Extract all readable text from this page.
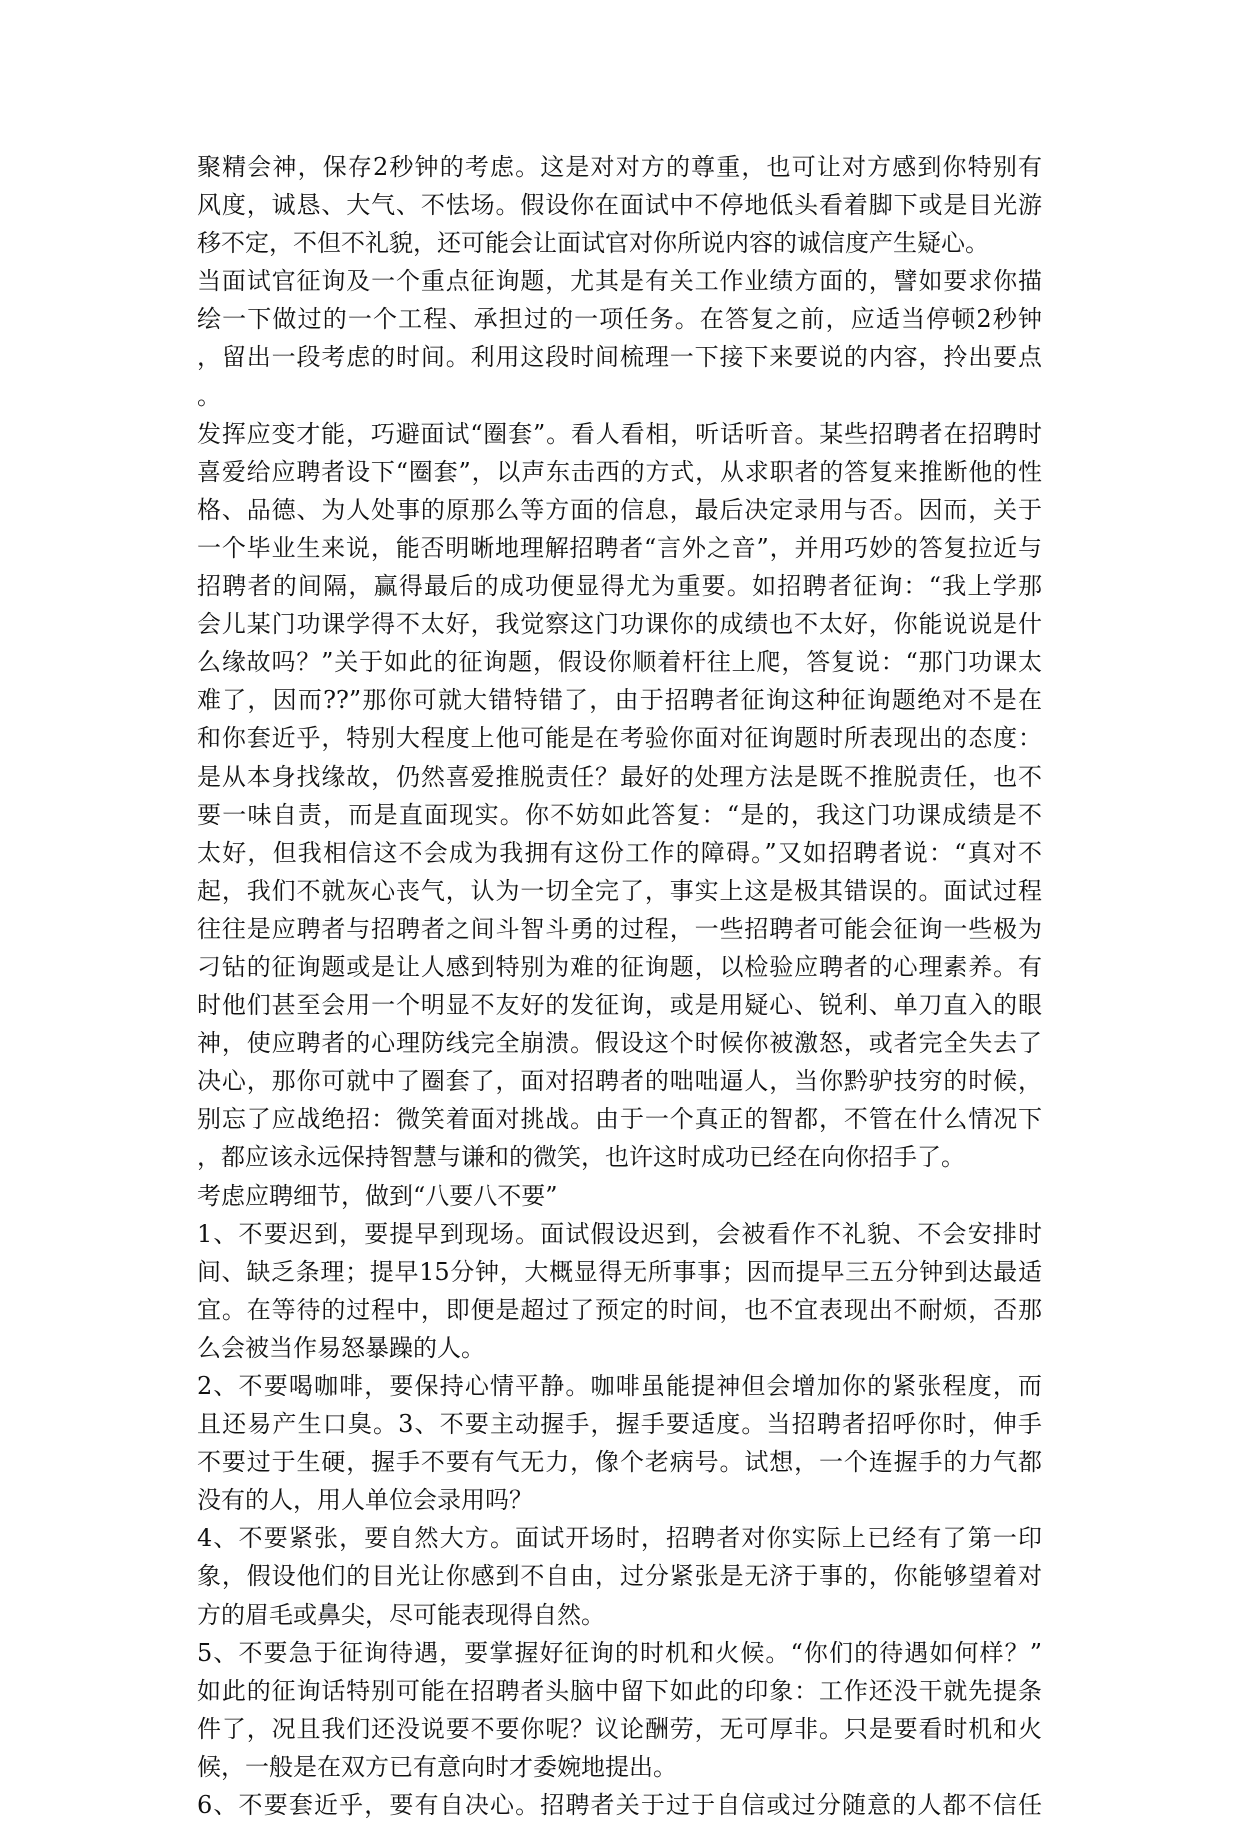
聚精会神，保存2秒钟的考虑。这是对对方的尊重，也可让对方感到你特别有
风度，诚恳、大气、不怯场。假设你在面试中不停地低头看着脚下或是目光游
移不定，不但不礼貌，还可能会让面试官对你所说内容的诚信度产生疑心。
当面试官征询及一个重点征询题，尤其是有关工作业绩方面的，譬如要求你描
绘一下做过的一个工程、承担过的一项任务。在答复之前，应适当停顿2秒钟
，留出一段考虑的时间。利用这段时间梳理一下接下来要说的内容，拎出要点
。
发挥应变才能，巧避面试“圈套”。看人看相，听话听音。某些招聘者在招聘时
喜爱给应聘者设下“圈套”，以声东击西的方式，从求职者的答复来推断他的性
格、品德、为人处事的原那么等方面的信息，最后决定录用与否。因而，关于
一个毕业生来说，能否明晰地理解招聘者“言外之音”，并用巧妙的答复拉近与
招聘者的间隔，赢得最后的成功便显得尤为重要。如招聘者征询：“我上学那
会儿某门功课学得不太好，我觉察这门功课你的成绩也不太好，你能说说是什
么缘故吗？”关于如此的征询题，假设你顺着杆往上爬，答复说：“那门功课太
难了，因而??”那你可就大错特错了，由于招聘者征询这种征询题绝对不是在
和你套近乎，特别大程度上他可能是在考验你面对征询题时所表现出的态度：
是从本身找缘故，仍然喜爱推脱责任？最好的处理方法是既不推脱责任，也不
要一味自责，而是直面现实。你不妨如此答复：“是的，我这门功课成绩是不
太好，但我相信这不会成为我拥有这份工作的障碍。”又如招聘者说：“真对不
起，我们不就灰心丧气，认为一切全完了，事实上这是极其错误的。面试过程
往往是应聘者与招聘者之间斗智斗勇的过程，一些招聘者可能会征询一些极为
刁钻的征询题或是让人感到特别为难的征询题，以检验应聘者的心理素养。有
时他们甚至会用一个明显不友好的发征询，或是用疑心、锐利、单刀直入的眼
神，使应聘者的心理防线完全崩溃。假设这个时候你被激怒，或者完全失去了
决心，那你可就中了圈套了，面对招聘者的咄咄逼人，当你黔驴技穷的时候，
别忘了应战绝招：微笑着面对挑战。由于一个真正的智都，不管在什么情况下
，都应该永远保持智慧与谦和的微笑，也许这时成功已经在向你招手了。
考虑应聘细节，做到“八要八不要”
1、不要迟到，要提早到现场。面试假设迟到，会被看作不礼貌、不会安排时
间、缺乏条理；提早15分钟，大概显得无所事事；因而提早三五分钟到达最适
宜。在等待的过程中，即便是超过了预定的时间，也不宜表现出不耐烦，否那
么会被当作易怒暴躁的人。
2、不要喝咖啡，要保持心情平静。咖啡虽能提神但会增加你的紧张程度，而
且还易产生口臭。3、不要主动握手，握手要适度。当招聘者招呼你时，伸手
不要过于生硬，握手不要有气无力，像个老病号。试想，一个连握手的力气都
没有的人，用人单位会录用吗？
4、不要紧张，要自然大方。面试开场时，招聘者对你实际上已经有了第一印
象，假设他们的目光让你感到不自由，过分紧张是无济于事的，你能够望着对
方的眉毛或鼻尖，尽可能表现得自然。
5、不要急于征询待遇，要掌握好征询的时机和火候。“你们的待遇如何样？”
如此的征询话特别可能在招聘者头脑中留下如此的印象：工作还没干就先提条
件了，况且我们还没说要不要你呢？议论酬劳，无可厚非。只是要看时机和火
候，一般是在双方已有意向时才委婉地提出。
6、不要套近乎，要有自决心。招聘者关于过于自信或过分随意的人都不信任
